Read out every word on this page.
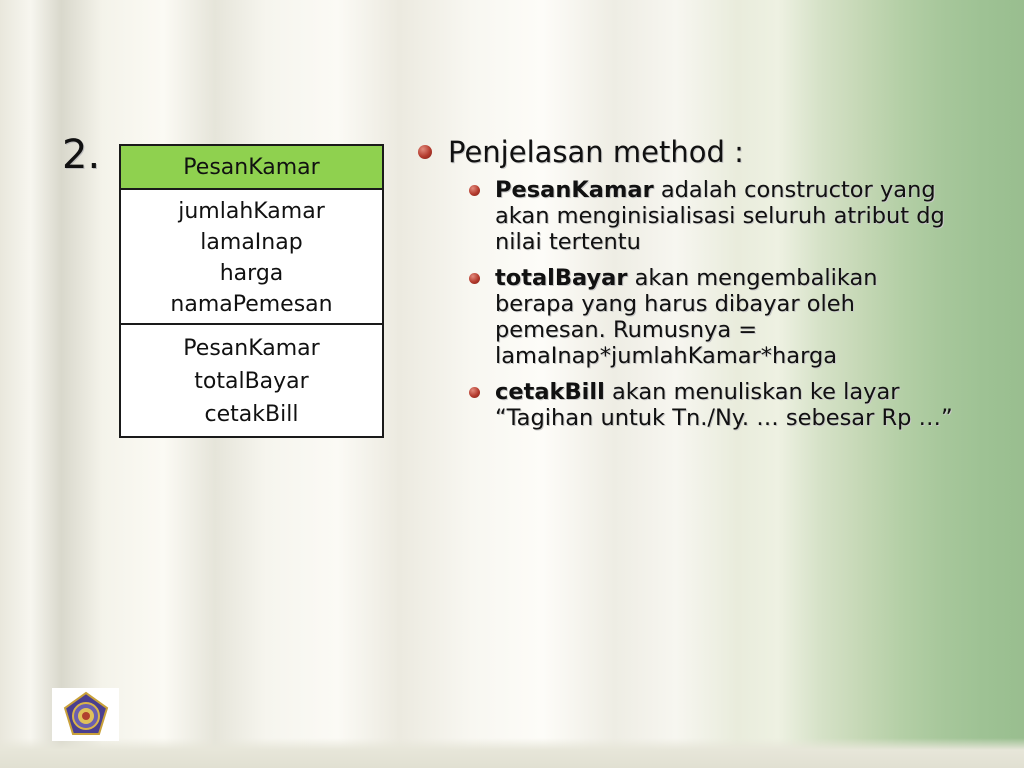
2.	PesanKamar
jumlahKamar
lamaInap
harga
namaPemesan
PesanKamar
totalBayar
cetakBill
Penjelasan method :
PesanKamar adalah constructor yang akan menginisialisasi seluruh atribut dg nilai tertentu
totalBayar akan mengembalikan berapa yang harus dibayar oleh pemesan. Rumusnya = lamaInap*jumlahKamar*harga
cetakBill akan menuliskan ke layar “Tagihan untuk Tn./Ny. … sebesar Rp …”
